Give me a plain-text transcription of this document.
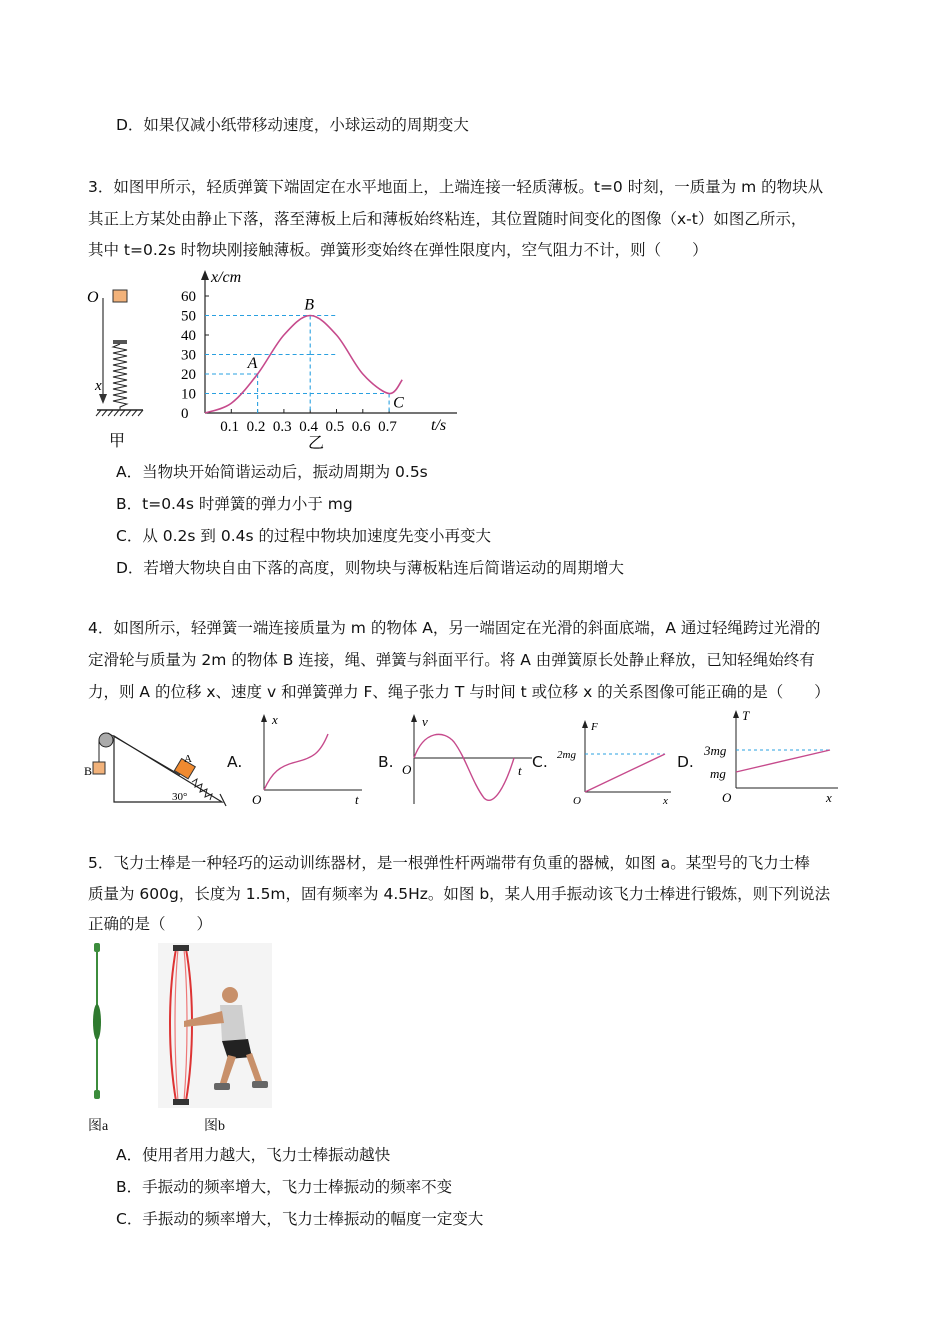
D．如果仅减小纸带移动速度，小球运动的周期变大
3．如图甲所示，轻质弹簧下端固定在水平地面上，上端连接一轻质薄板。t=0 时刻，一质量为 m 的物块从
其正上方某处由静止下落，落至薄板上后和薄板始终粘连，其位置随时间变化的图像（x-t）如图乙所示，
其中 t=0.2s 时物块刚接触薄板。弹簧形变始终在弹性限度内，空气阻力不计，则（　　）
O
x
甲
x/cm
t/s
60
50
40
30
20
10
0
0.1 0.2 0.3 0.4 0.5 0.6 0.7
A
B
C
乙
A．当物块开始简谐运动后，振动周期为 0.5s
B．t=0.4s 时弹簧的弹力小于 mg
C．从 0.2s 到 0.4s 的过程中物块加速度先变小再变大
D．若增大物块自由下落的高度，则物块与薄板粘连后简谐运动的周期增大
4．如图所示，轻弹簧一端连接质量为 m 的物体 A，另一端固定在光滑的斜面底端，A 通过轻绳跨过光滑的
定滑轮与质量为 2m 的物体 B 连接，绳、弹簧与斜面平行。将 A 由弹簧原长处静止释放，已知轻绳始终有
力，则 A 的位移 x、速度 v 和弹簧弹力 F、绳子张力 T 与时间 t 或位移 x 的关系图像可能正确的是（　　）
B
A
30°
A.
x
t
O
B.
v
t
O	C.
F
x
O
2mg	D.
T
x
O
3mg
mg
5．飞力士棒是一种轻巧的运动训练器材，是一根弹性杆两端带有负重的器械，如图 a。某型号的飞力士棒
质量为 600g，长度为 1.5m，固有频率为 4.5Hz。如图 b，某人用手振动该飞力士棒进行锻炼，则下列说法
正确的是（　　）
图a	图b
A．使用者用力越大，飞力士棒振动越快
B．手振动的频率增大，飞力士棒振动的频率不变
C．手振动的频率增大，飞力士棒振动的幅度一定变大
